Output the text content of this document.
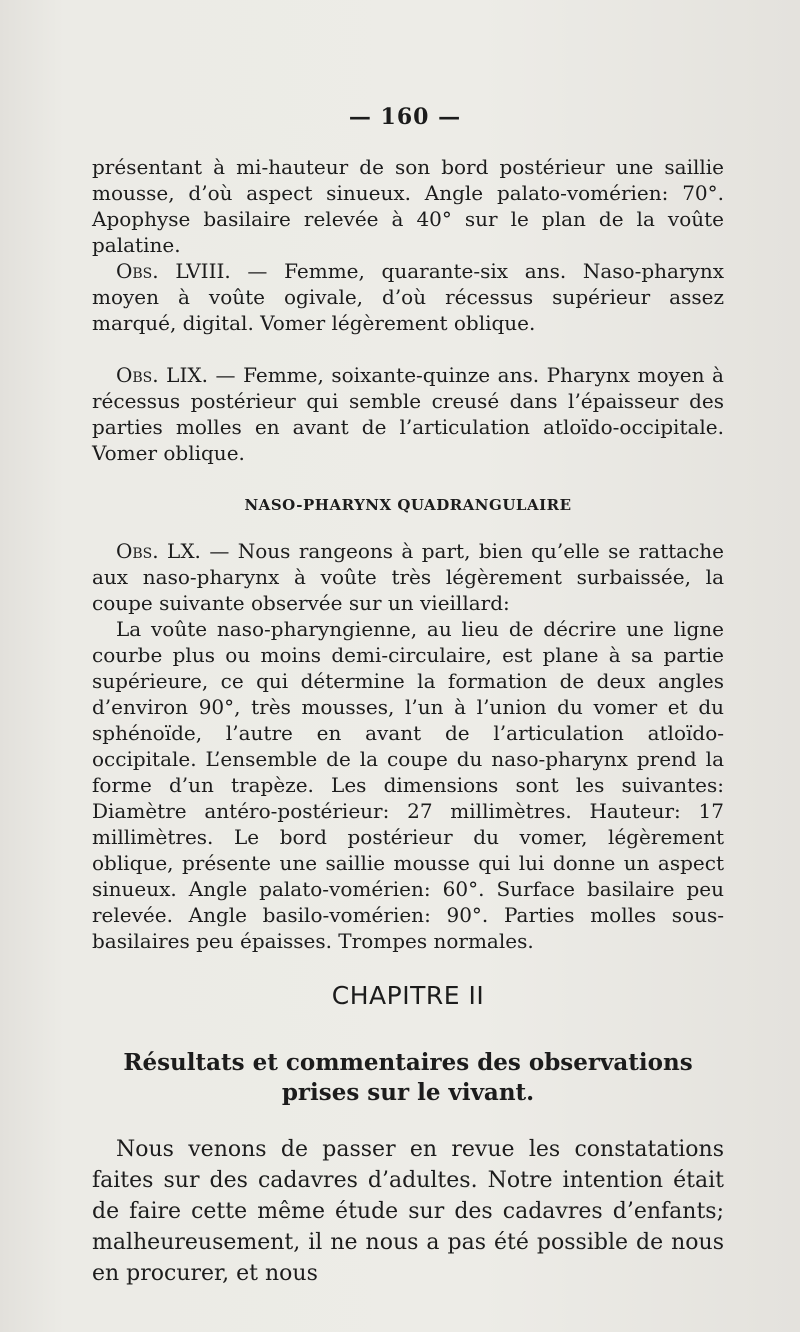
— 160 —

présentant à mi-hauteur de son bord postérieur une saillie mousse, d’où aspect sinueux. Angle palato-vomérien: 70°. Apophyse basilaire relevée à 40° sur le plan de la voûte palatine.

Obs. LVIII. — Femme, quarante-six ans. Naso-pharynx moyen à voûte ogivale, d’où récessus supérieur assez marqué, digital. Vomer légèrement oblique.

Obs. LIX. — Femme, soixante-quinze ans. Pharynx moyen à récessus postérieur qui semble creusé dans l’épaisseur des parties molles en avant de l’articulation atloïdo-occipitale. Vomer oblique.

NASO-PHARYNX QUADRANGULAIRE

Obs. LX. — Nous rangeons à part, bien qu’elle se rattache aux naso-pharynx à voûte très légèrement surbaissée, la coupe suivante observée sur un vieillard:

La voûte naso-pharyngienne, au lieu de décrire une ligne courbe plus ou moins demi-circulaire, est plane à sa partie supérieure, ce qui détermine la formation de deux angles d’environ 90°, très mousses, l’un à l’union du vomer et du sphénoïde, l’autre en avant de l’articulation atloïdo-occipitale. L’ensemble de la coupe du naso-pharynx prend la forme d’un trapèze. Les dimensions sont les suivantes: Diamètre antéro-postérieur: 27 millimètres. Hauteur: 17 millimètres. Le bord postérieur du vomer, légèrement oblique, présente une saillie mousse qui lui donne un aspect sinueux. Angle palato-vomérien: 60°. Surface basilaire peu relevée. Angle basilo-vomérien: 90°. Parties molles sous-basilaires peu épaisses. Trompes normales.

CHAPITRE II

Résultats et commentaires des observations

prises sur le vivant.

Nous venons de passer en revue les constatations faites sur des cadavres d’adultes. Notre intention était de faire cette même étude sur des cadavres d’enfants; malheureusement, il ne nous a pas été possible de nous en procurer, et nous
